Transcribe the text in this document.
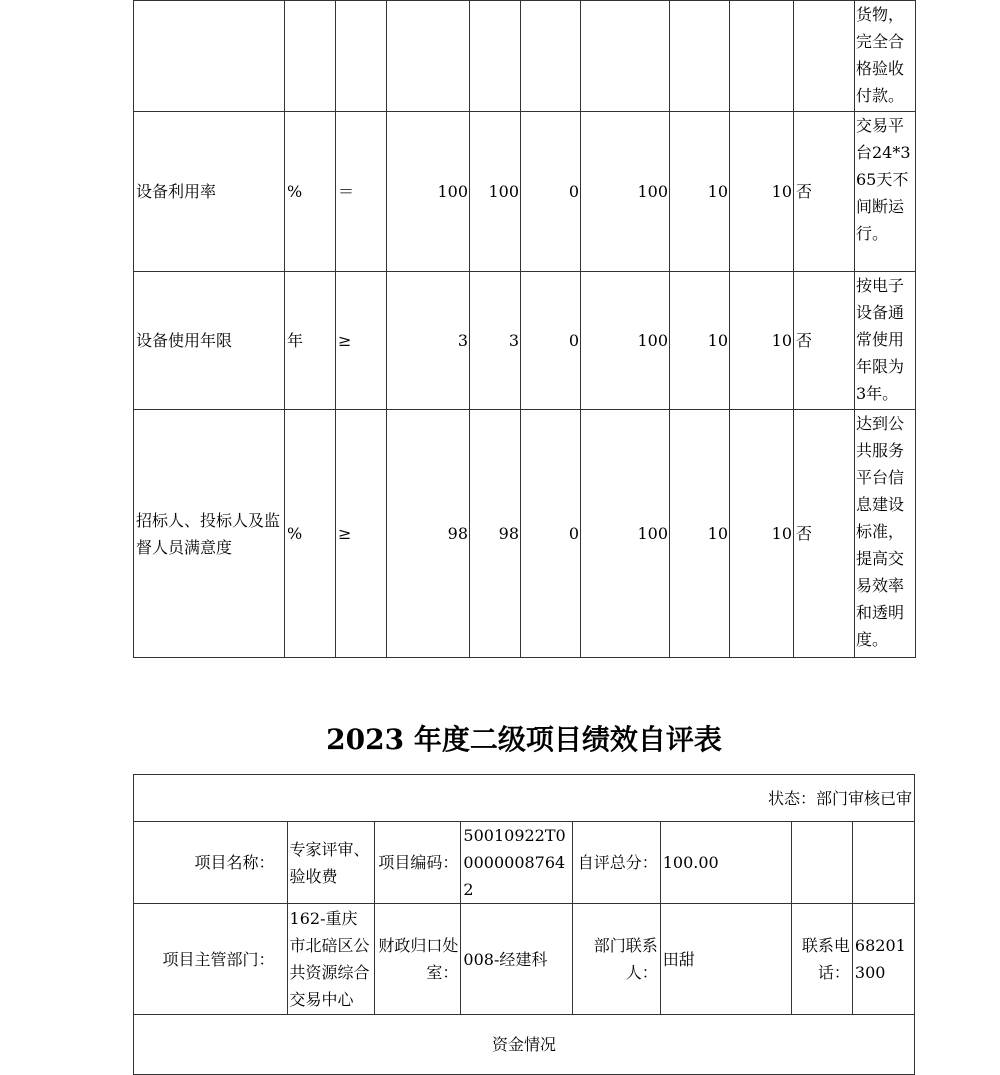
										货物，完全合格验收付款。
设备利用率	%	＝	100	100	0	100	10	10	否	交易平台24*365天不间断运行。
设备使用年限	年	≥	3	3	0	100	10	10	否	按电子设备通常使用年限为3年。
招标人、投标人及监督人员满意度	%	≥	98	98	0	100	10	10	否	达到公共服务平台信息建设标准，提高交易效率和透明度。
2023 年度二级项目绩效自评表
状态：部门审核已审							
项目名称：	专家评审、验收费	项目编码：	50010922T000000087642	自评总分：	100.00		
项目主管部门：	162-重庆市北碚区公共资源综合交易中心	财政归口处室：	008-经建科	部门联系人：	田甜	联系电话：	68201300
资金情况							
